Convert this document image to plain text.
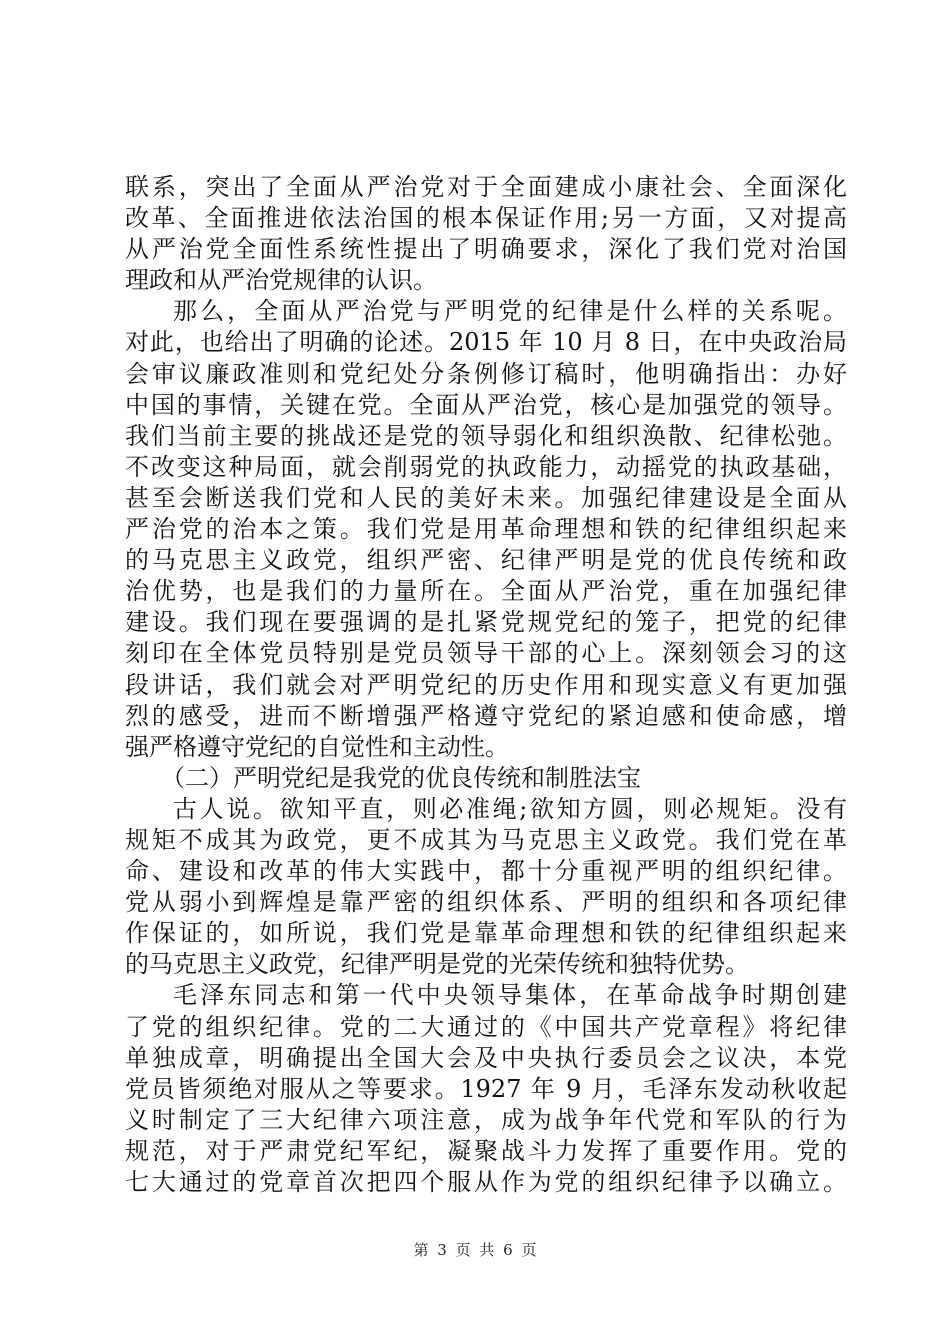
联系，突出了全面从严治党对于全面建成小康社会、全面深化
改革、全面推进依法治国的根本保证作用;另一方面，又对提高
从严治党全面性系统性提出了明确要求，深化了我们党对治国
理政和从严治党规律的认识。
那么，全面从严治党与严明党的纪律是什么样的关系呢。
对此，也给出了明确的论述。2015 年 10 月 8 日，在中央政治局
会审议廉政准则和党纪处分条例修订稿时，他明确指出：办好
中国的事情，关键在党。全面从严治党，核心是加强党的领导。
我们当前主要的挑战还是党的领导弱化和组织涣散、纪律松弛。
不改变这种局面，就会削弱党的执政能力，动摇党的执政基础，
甚至会断送我们党和人民的美好未来。加强纪律建设是全面从
严治党的治本之策。我们党是用革命理想和铁的纪律组织起来
的马克思主义政党，组织严密、纪律严明是党的优良传统和政
治优势，也是我们的力量所在。全面从严治党，重在加强纪律
建设。我们现在要强调的是扎紧党规党纪的笼子，把党的纪律
刻印在全体党员特别是党员领导干部的心上。深刻领会习的这
段讲话，我们就会对严明党纪的历史作用和现实意义有更加强
烈的感受，进而不断增强严格遵守党纪的紧迫感和使命感，增
强严格遵守党纪的自觉性和主动性。
（二）严明党纪是我党的优良传统和制胜法宝
古人说。欲知平直，则必准绳;欲知方圆，则必规矩。没有
规矩不成其为政党，更不成其为马克思主义政党。我们党在革
命、建设和改革的伟大实践中，都十分重视严明的组织纪律。
党从弱小到辉煌是靠严密的组织体系、严明的组织和各项纪律
作保证的，如所说，我们党是靠革命理想和铁的纪律组织起来
的马克思主义政党，纪律严明是党的光荣传统和独特优势。
毛泽东同志和第一代中央领导集体，在革命战争时期创建
了党的组织纪律。党的二大通过的《中国共产党章程》将纪律
单独成章，明确提出全国大会及中央执行委员会之议决，本党
党员皆须绝对服从之等要求。1927 年 9 月，毛泽东发动秋收起
义时制定了三大纪律六项注意，成为战争年代党和军队的行为
规范，对于严肃党纪军纪，凝聚战斗力发挥了重要作用。党的
七大通过的党章首次把四个服从作为党的组织纪律予以确立。
第 3 页 共 6 页
